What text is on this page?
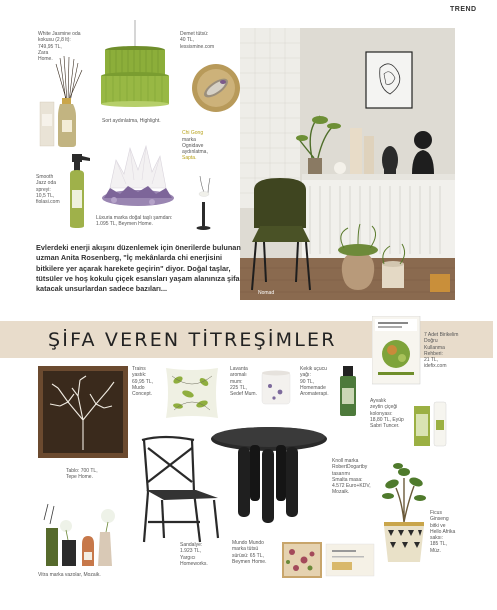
TREND
White Jasmine oda
kokusu (2,8 lt):
749,95 TL,
Zara
Home.
Sort aydınlatma, Highlight.
Demet tütsü:
40 TL,
lessismine.com

Chi Gong
marka
Ognidave
aydınlatma,
Sapta.

Smooth
Jazz oda
spreyi:
10,5 TL,
fiolasi.com
Lüxuria marka doğal taşlı şamdan:
1.095 TL, Beymen Home.
Nomad
Evlerdeki enerji akışını düzenlemek için önerilerde bulunan uzman Anita Rosenberg, "İç mekânlarda chi enerjisini bitkilere yer açarak harekete geçirin" diyor. Doğal taşlar, tütsüler ve hoş kokulu çiçek esansları yaşam alanınıza şifa katacak unsurlardan sadece bazıları...
ŞİFA VEREN TİTREŞİMLER	7 Adet Birikelim
Doğru
Kullanma
Rehberi:
21 TL,
idefix.com
Tablo: 700 TL,
Tepe Home.
Trains
yastık:
69,95 TL,
Mudo
Concept.
Lavanta
aromalı
mum:
225 TL,
Sedef Mum.
Kekik uçucu
yağı:
90 TL,
Homemade
Aromaterapi.
Ayvalık
zeytin çiçeği
kolonyası:
18,80 TL, Eyüp
Sabri Tuncer.
Knoll marka
RobertDogartby
tasarımı
Smalta masa:
4.572 Euro+KDV,
Mozaik.
Sandalye:
1.923 TL,
Yargıcı
Homeworks.
Mundo Mundo
marka tütsü
sürüsü: 65 TL,
Beymen Home.
Vitra marka vazolar, Mozaik.
Ficus
Ginseng
bitki ve
Hello Afrika
saksı:
185 TL,
Müz.
